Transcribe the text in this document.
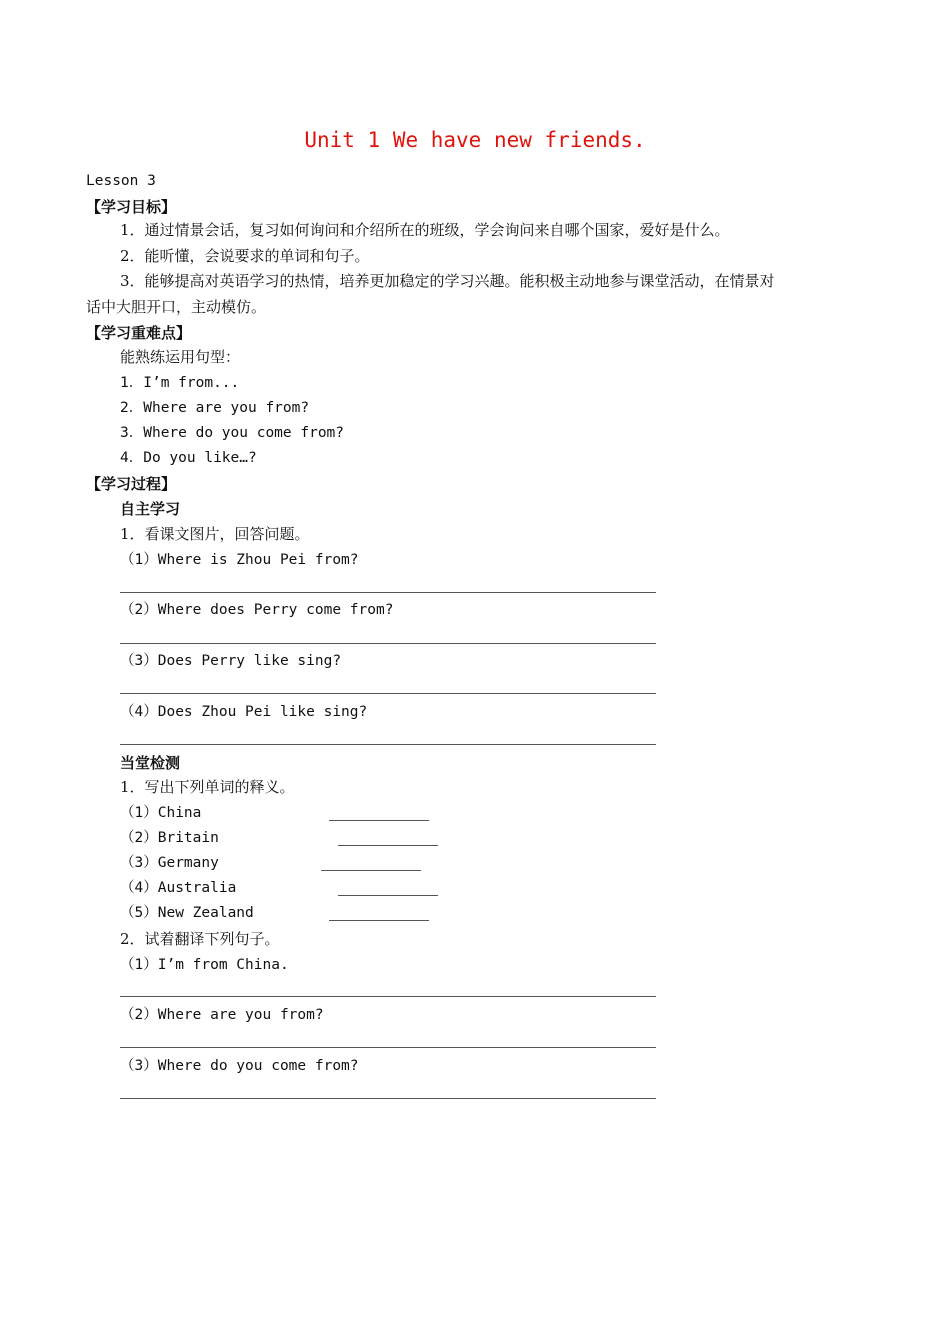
Unit 1 We have new friends.
Lesson 3
【学习目标】
1．通过情景会话，复习如何询问和介绍所在的班级，学会询问来自哪个国家，爱好是什么。
2．能听懂，会说要求的单词和句子。
3．能够提高对英语学习的热情，培养更加稳定的学习兴趣。能积极主动地参与课堂活动，在情景对
话中大胆开口，主动模仿。
【学习重难点】
能熟练运用句型：
1．I’m from...
2．Where are you from?
3．Where do you come from?
4．Do you like…?
【学习过程】
自主学习
1．看课文图片，回答问题。
（1）Where is Zhou Pei from?
（2）Where does Perry come from?
（3）Does Perry like sing?
（4）Does Zhou Pei like sing?
当堂检测
1．写出下列单词的释义。
（1）China
（2）Britain
（3）Germany
（4）Australia
（5）New Zealand
2．试着翻译下列句子。
（1）I’m from China.
（2）Where are you from?
（3）Where do you come from?
